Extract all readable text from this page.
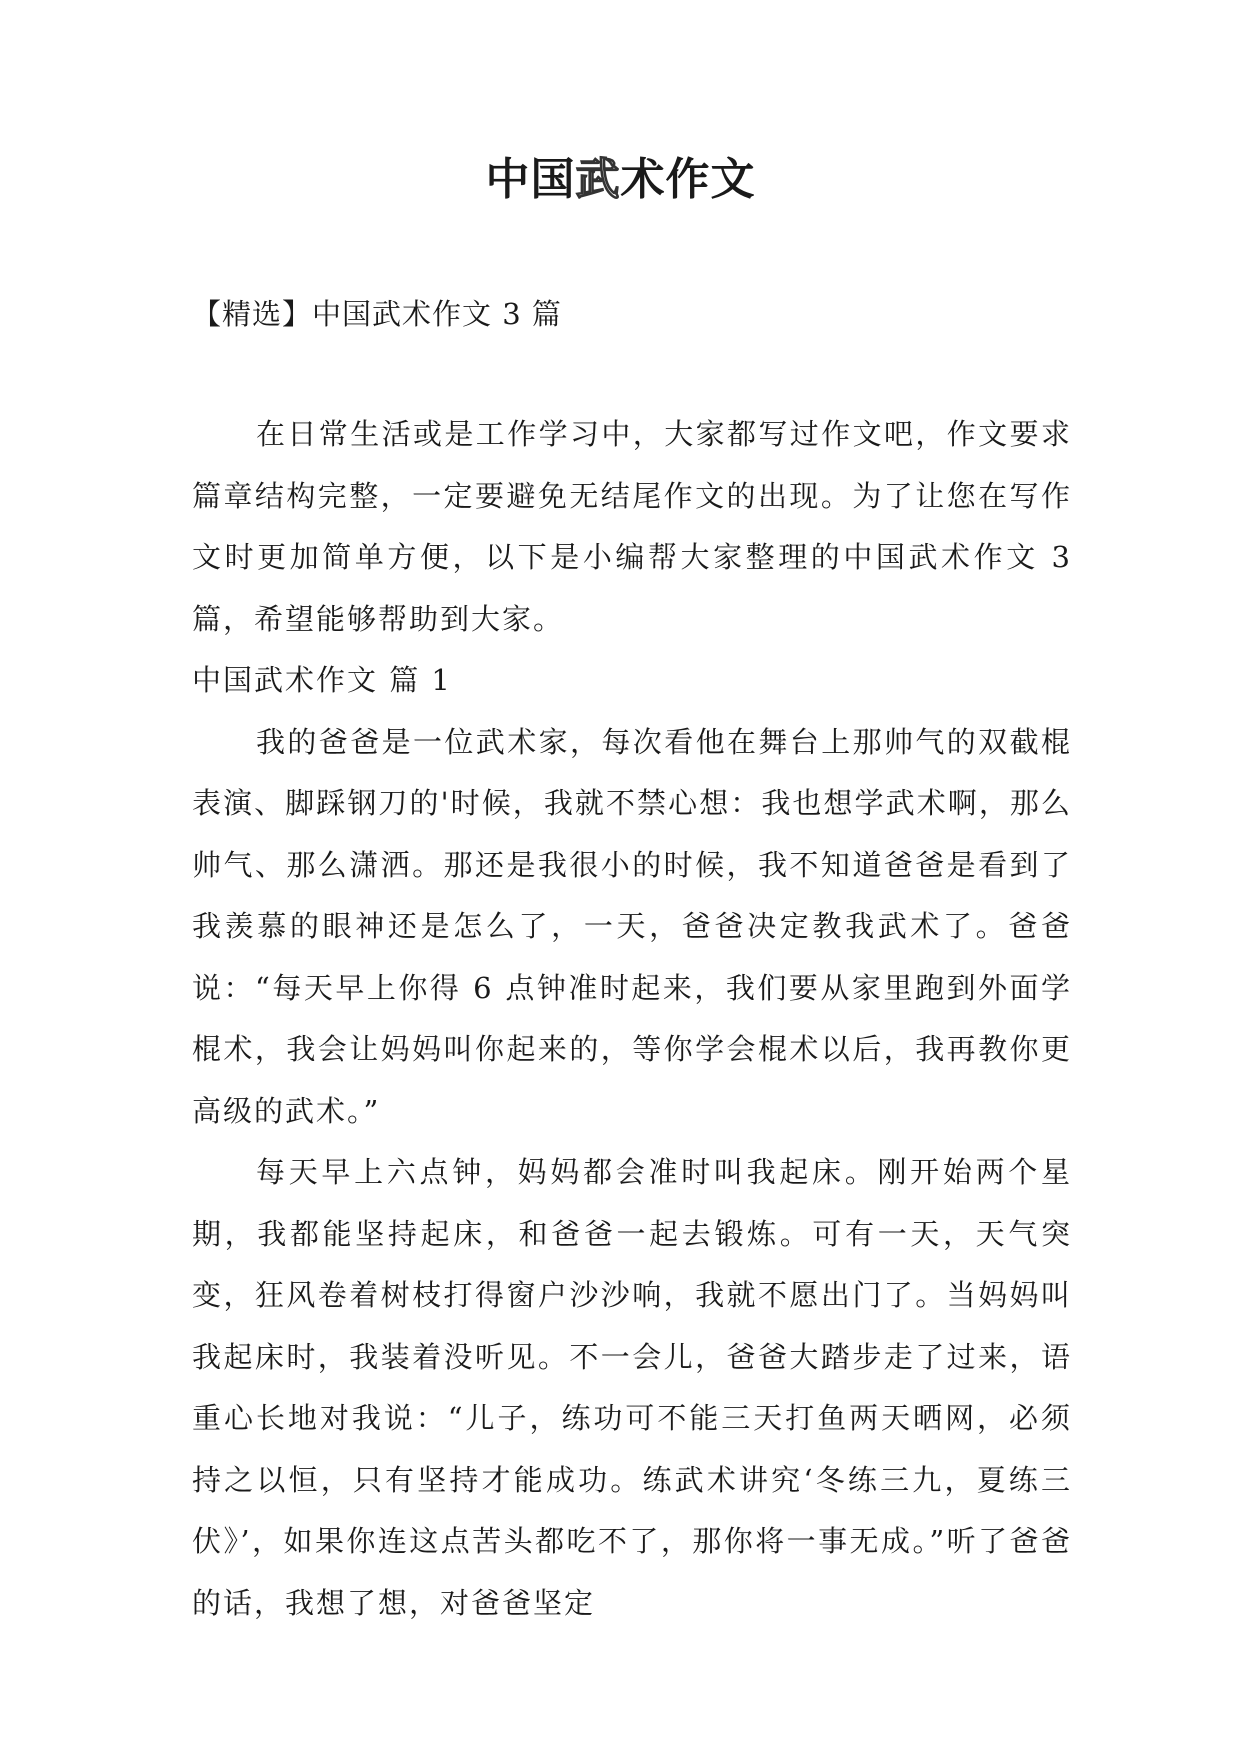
中国武术作文

【精选】中国武术作文 3 篇

在日常生活或是工作学习中，大家都写过作文吧，作文要求篇章结构完整，一定要避免无结尾作文的出现。为了让您在写作文时更加简单方便，以下是小编帮大家整理的中国武术作文 3 篇，希望能够帮助到大家。

中国武术作文 篇 1

我的爸爸是一位武术家，每次看他在舞台上那帅气的双截棍表演、脚踩钢刀的'时候，我就不禁心想：我也想学武术啊，那么帅气、那么潇洒。那还是我很小的时候，我不知道爸爸是看到了我羡慕的眼神还是怎么了，一天，爸爸决定教我武术了。爸爸说：“每天早上你得 6 点钟准时起来，我们要从家里跑到外面学棍术，我会让妈妈叫你起来的，等你学会棍术以后，我再教你更高级的武术。”

每天早上六点钟，妈妈都会准时叫我起床。刚开始两个星期，我都能坚持起床，和爸爸一起去锻炼。可有一天，天气突变，狂风卷着树枝打得窗户沙沙响，我就不愿出门了。当妈妈叫我起床时，我装着没听见。不一会儿，爸爸大踏步走了过来，语重心长地对我说：“儿子，练功可不能三天打鱼两天晒网，必须持之以恒，只有坚持才能成功。练武术讲究‘冬练三九，夏练三伏》’，如果你连这点苦头都吃不了，那你将一事无成。”听了爸爸的话，我想了想，对爸爸坚定
